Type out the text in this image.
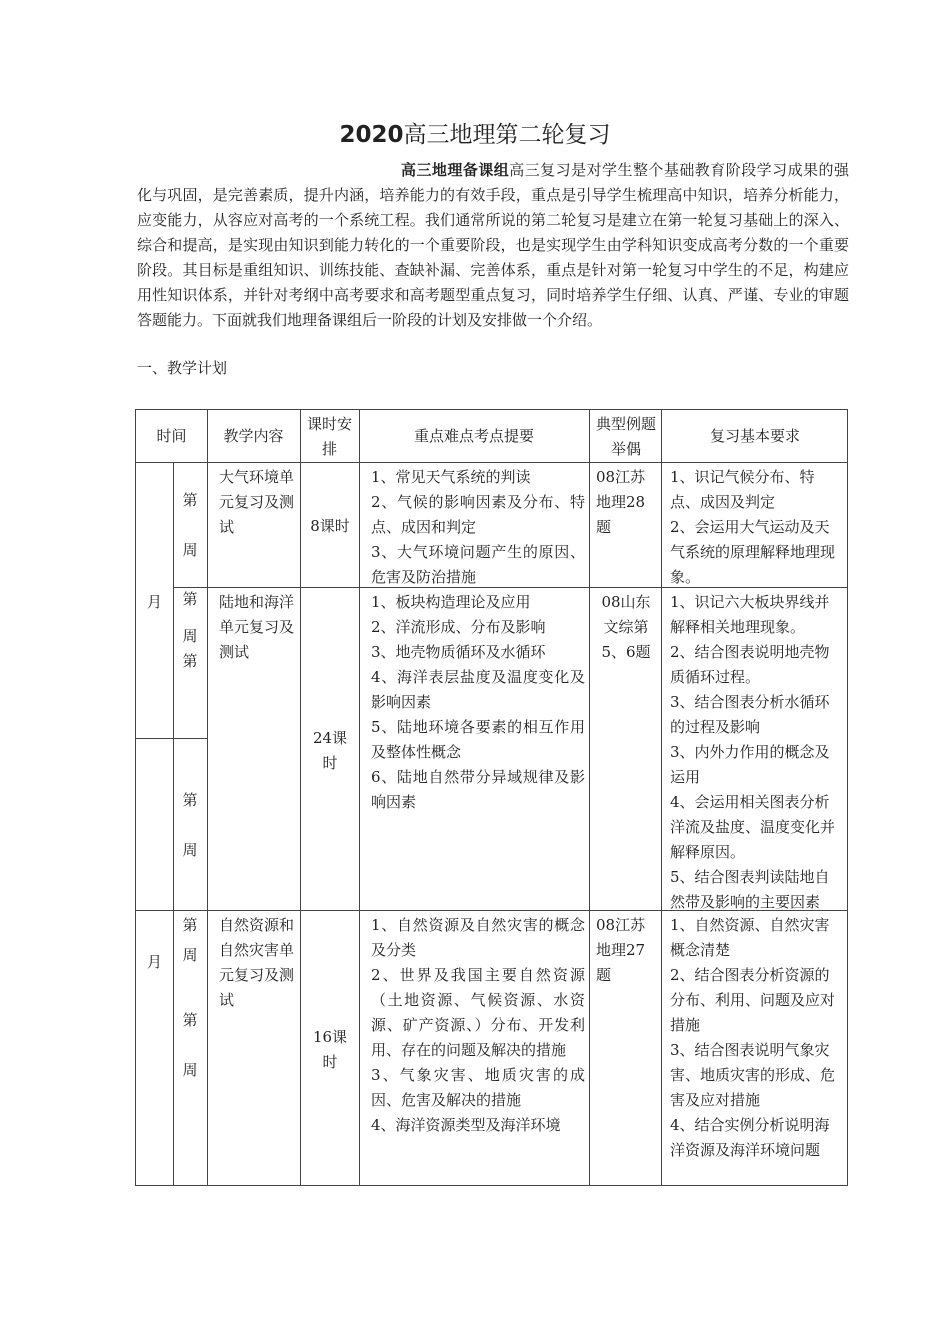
2020高三地理第二轮复习
高三地理备课组高三复习是对学生整个基础教育阶段学习成果的强化与巩固，是完善素质，提升内涵，培养能力的有效手段，重点是引导学生梳理高中知识，培养分析能力，应变能力，从容应对高考的一个系统工程。我们通常所说的第二轮复习是建立在第一轮复习基础上的深入、综合和提高，是实现由知识到能力转化的一个重要阶段，也是实现学生由学科知识变成高考分数的一个重要阶段。其目标是重组知识、训练技能、查缺补漏、完善体系，重点是针对第一轮复习中学生的不足，构建应用性知识体系，并针对考纲中高考要求和高考题型重点复习，同时培养学生仔细、认真、严谨、专业的审题答题能力。下面就我们地理备课组后一阶段的计划及安排做一个介绍。
一、教学计划
时间	教学内容
课时安排
重点难点考点提要
典型例题举偶
复习基本要求
月
月
第
周
第
周
第
第
周
第
周
第
周
大气环境单元复习及测试	8课时
1、常见天气系统的判读
2、气候的影响因素及分布、特点、成因和判定
3、大气环境问题产生的原因、危害及防治措施
08江苏地理28题
1、识记气候分布、特点、成因及判定
2、会运用大气运动及天气系统的原理解释地理现象。
陆地和海洋单元复习及测试
24课时
1、板块构造理论及应用
2、洋流形成、分布及影响
3、地壳物质循环及水循环
4、海洋表层盐度及温度变化及影响因素
5、陆地环境各要素的相互作用及整体性概念
6、陆地自然带分异域规律及影响因素
08山东文综第5、6题
1、识记六大板块界线并解释相关地理现象。
2、结合图表说明地壳物质循环过程。
3、结合图表分析水循环的过程及影响
3、内外力作用的概念及运用
4、会运用相关图表分析洋流及盐度、温度变化并解释原因。
5、结合图表判读陆地自然带及影响的主要因素
自然资源和自然灾害单元复习及测试
16课时
1、自然资源及自然灾害的概念及分类
2、世界及我国主要自然资源（土地资源、气候资源、水资源、矿产资源、）分布、开发利用、存在的问题及解决的措施
3、气象灾害、地质灾害的成因、危害及解决的措施
4、海洋资源类型及海洋环境
08江苏地理27题
1、自然资源、自然灾害概念清楚
2、结合图表分析资源的分布、利用、问题及应对措施
3、结合图表说明气象灾害、地质灾害的形成、危害及应对措施
4、结合实例分析说明海洋资源及海洋环境问题
